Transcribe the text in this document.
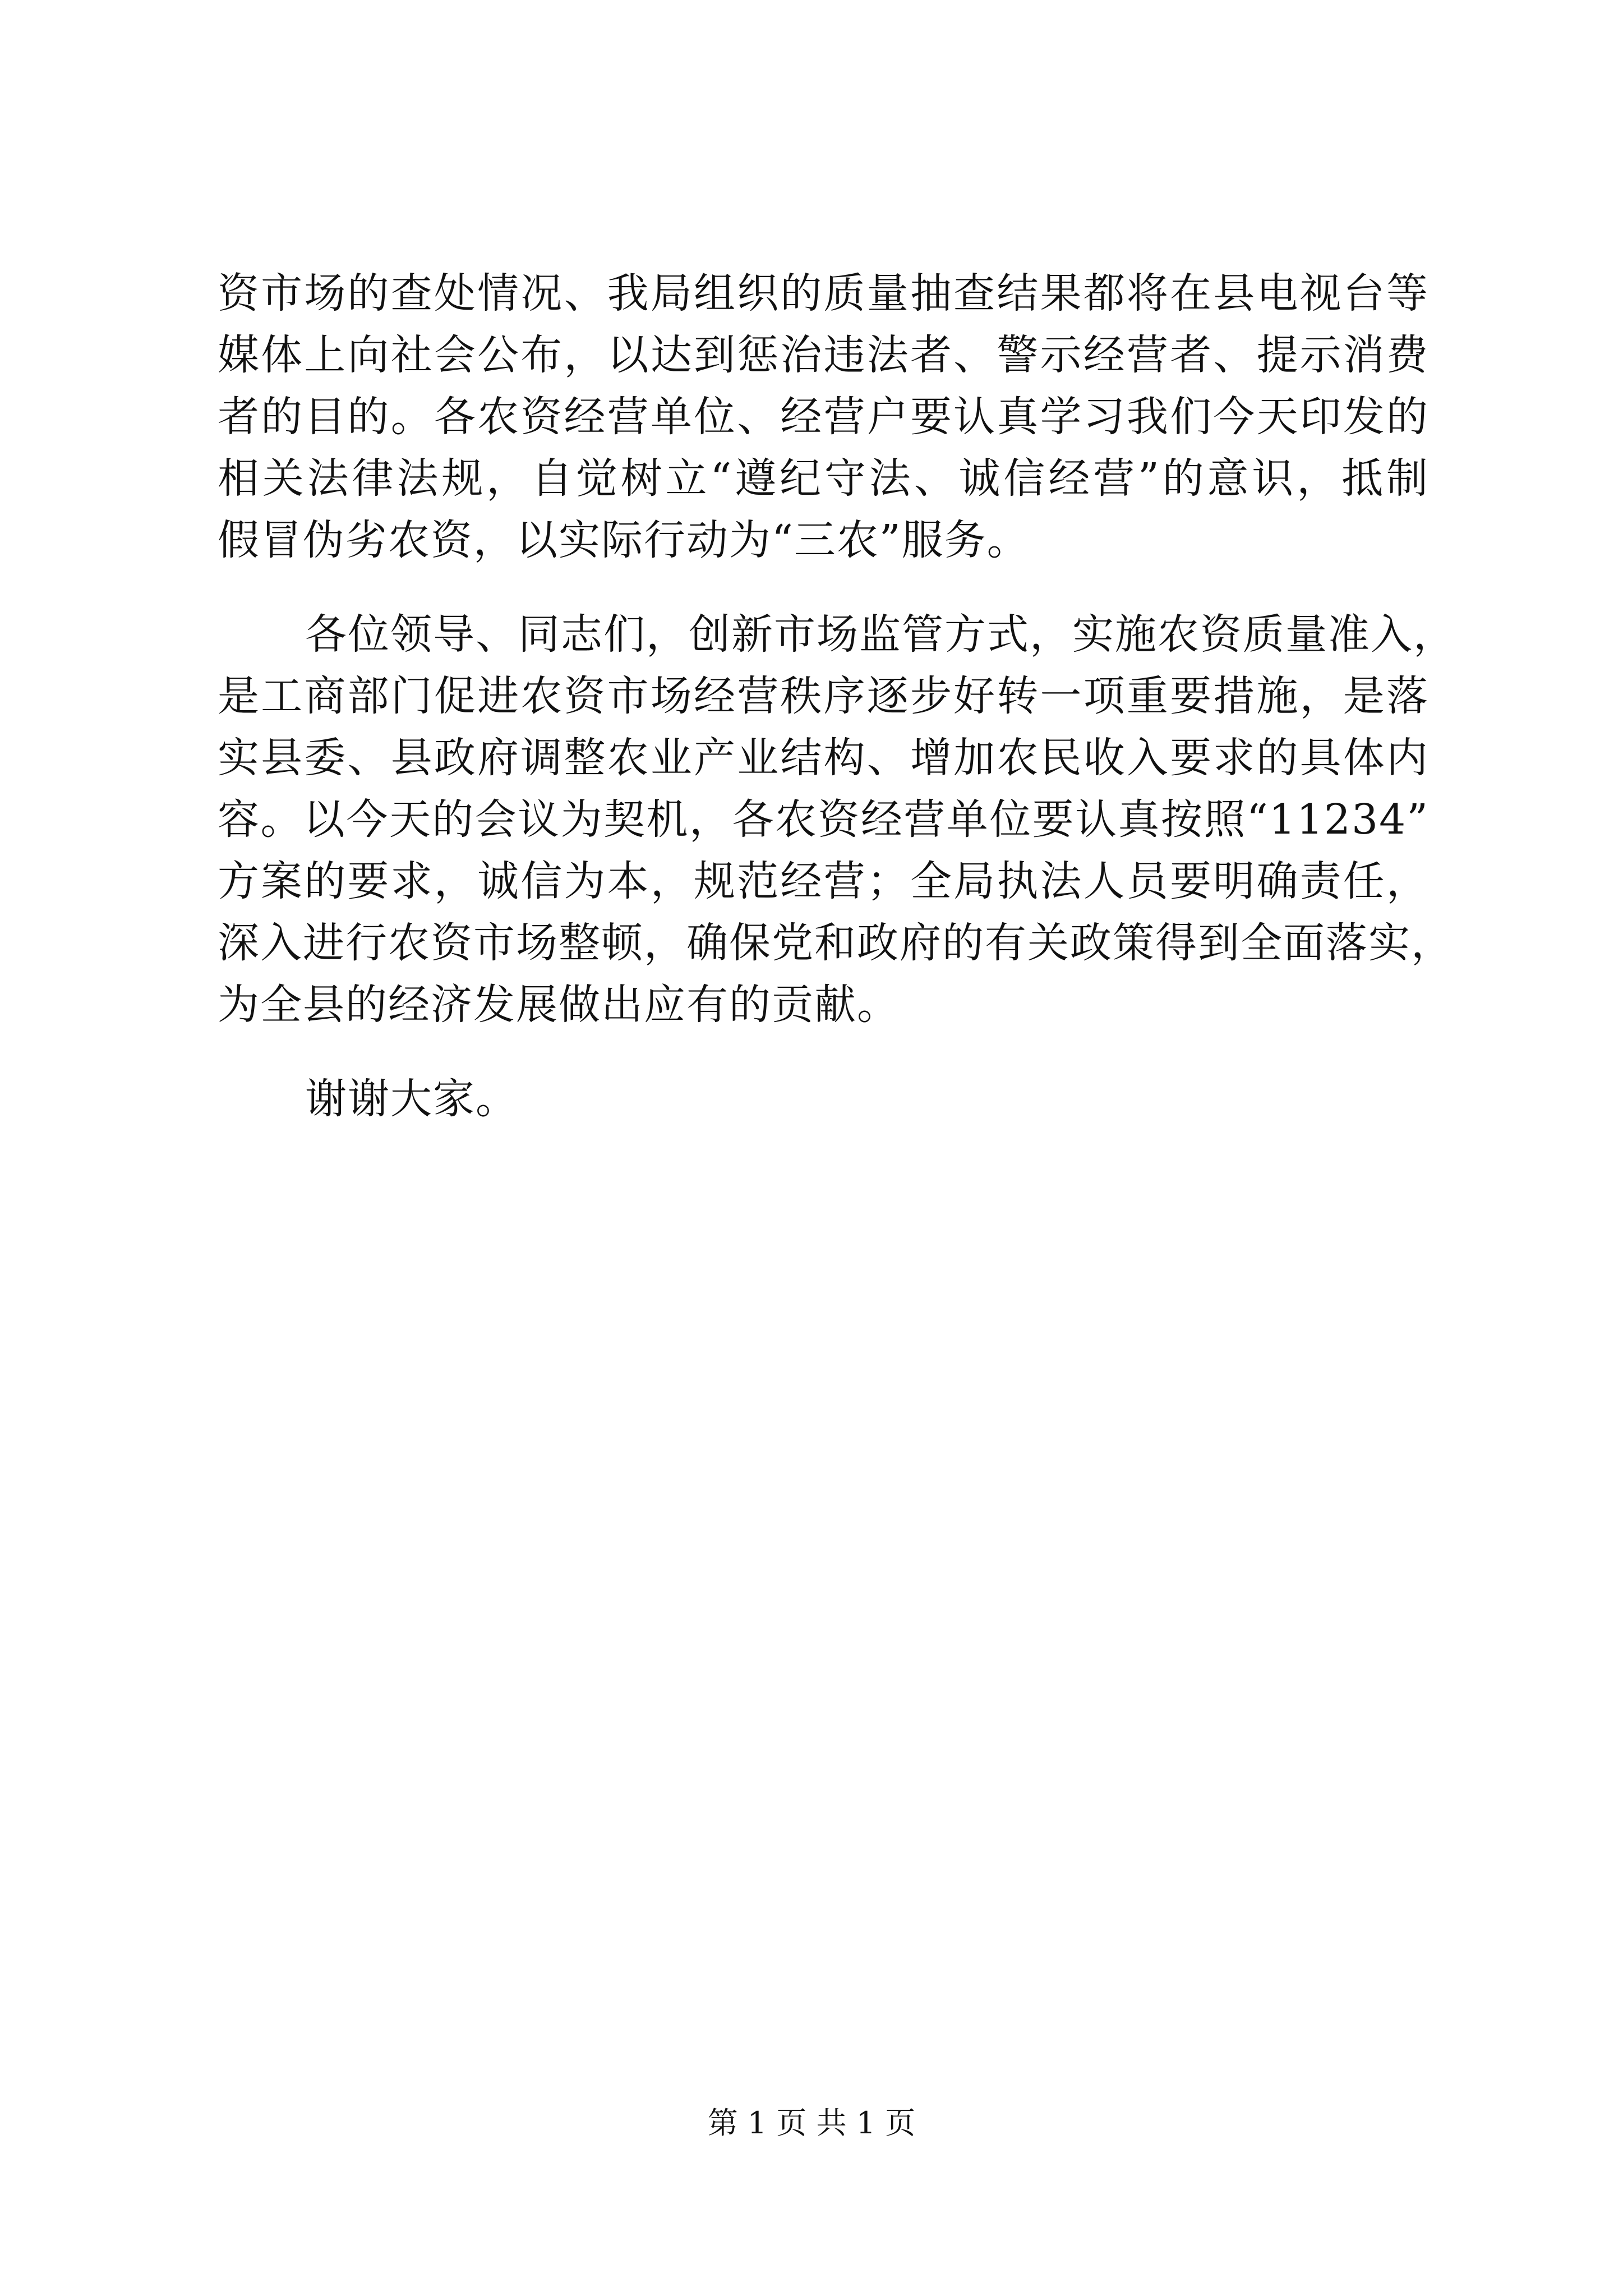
资市场的查处情况、我局组织的质量抽查结果都将在县电视台等
媒体上向社会公布，以达到惩治违法者、警示经营者、提示消费
者的目的。各农资经营单位、经营户要认真学习我们今天印发的
相关法律法规，自觉树立“遵纪守法、诚信经营”的意识，抵制
假冒伪劣农资，以实际行动为“三农”服务。
各位领导、同志们，创新市场监管方式，实施农资质量准入，
是工商部门促进农资市场经营秩序逐步好转一项重要措施，是落
实县委、县政府调整农业产业结构、增加农民收入要求的具体内
容。以今天的会议为契机，各农资经营单位要认真按照“11234”
方案的要求，诚信为本，规范经营；全局执法人员要明确责任，
深入进行农资市场整顿，确保党和政府的有关政策得到全面落实，
为全县的经济发展做出应有的贡献。
谢谢大家。
第 1 页 共 1 页
